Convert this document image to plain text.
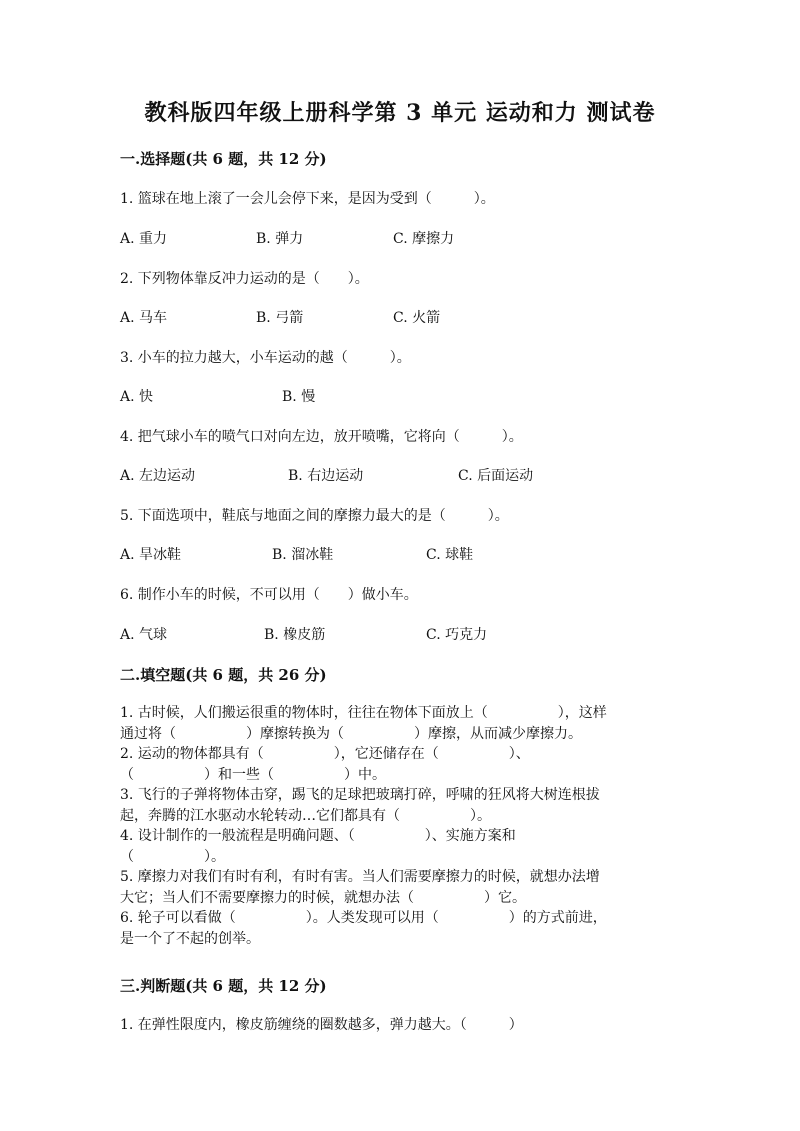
教科版四年级上册科学第 3 单元 运动和力 测试卷
一.选择题(共 6 题，共 12 分)
1. 篮球在地上滚了一会儿会停下来，是因为受到（　　　）。
A. 重力	B. 弹力	C. 摩擦力
2. 下列物体靠反冲力运动的是（　　）。
A. 马车	B. 弓箭	C. 火箭
3. 小车的拉力越大，小车运动的越（　　　）。
A. 快	B. 慢
4. 把气球小车的喷气口对向左边，放开喷嘴，它将向（　　　）。
A. 左边运动	B. 右边运动	C. 后面运动
5. 下面选项中，鞋底与地面之间的摩擦力最大的是（　　　）。
A. 旱冰鞋	B. 溜冰鞋	C. 球鞋
6. 制作小车的时候，不可以用（　　）做小车。
A. 气球	B. 橡皮筋	C. 巧克力
二.填空题(共 6 题，共 26 分)
1. 古时候，人们搬运很重的物体时，往往在物体下面放上（　　　　　），这样
通过将（　　　　　）摩擦转换为（　　　　　）摩擦，从而减少摩擦力。
2. 运动的物体都具有（　　　　　），它还储存在（　　　　　）、
（　　　　　）和一些（　　　　　）中。
3. 飞行的子弹将物体击穿，踢飞的足球把玻璃打碎，呼啸的狂风将大树连根拔
起，奔腾的江水驱动水轮转动…它们都具有（　　　　　）。
4. 设计制作的一般流程是明确问题、（　　　　　）、实施方案和
（　　　　　）。
5. 摩擦力对我们有时有利，有时有害。当人们需要摩擦力的时候，就想办法增
大它；当人们不需要摩擦力的时候，就想办法（　　　　　）它。
6. 轮子可以看做（　　　　　）。人类发现可以用（　　　　　）的方式前进，
是一个了不起的创举。
三.判断题(共 6 题，共 12 分)
1. 在弹性限度内，橡皮筋缠绕的圈数越多，弹力越大。（　　　）
